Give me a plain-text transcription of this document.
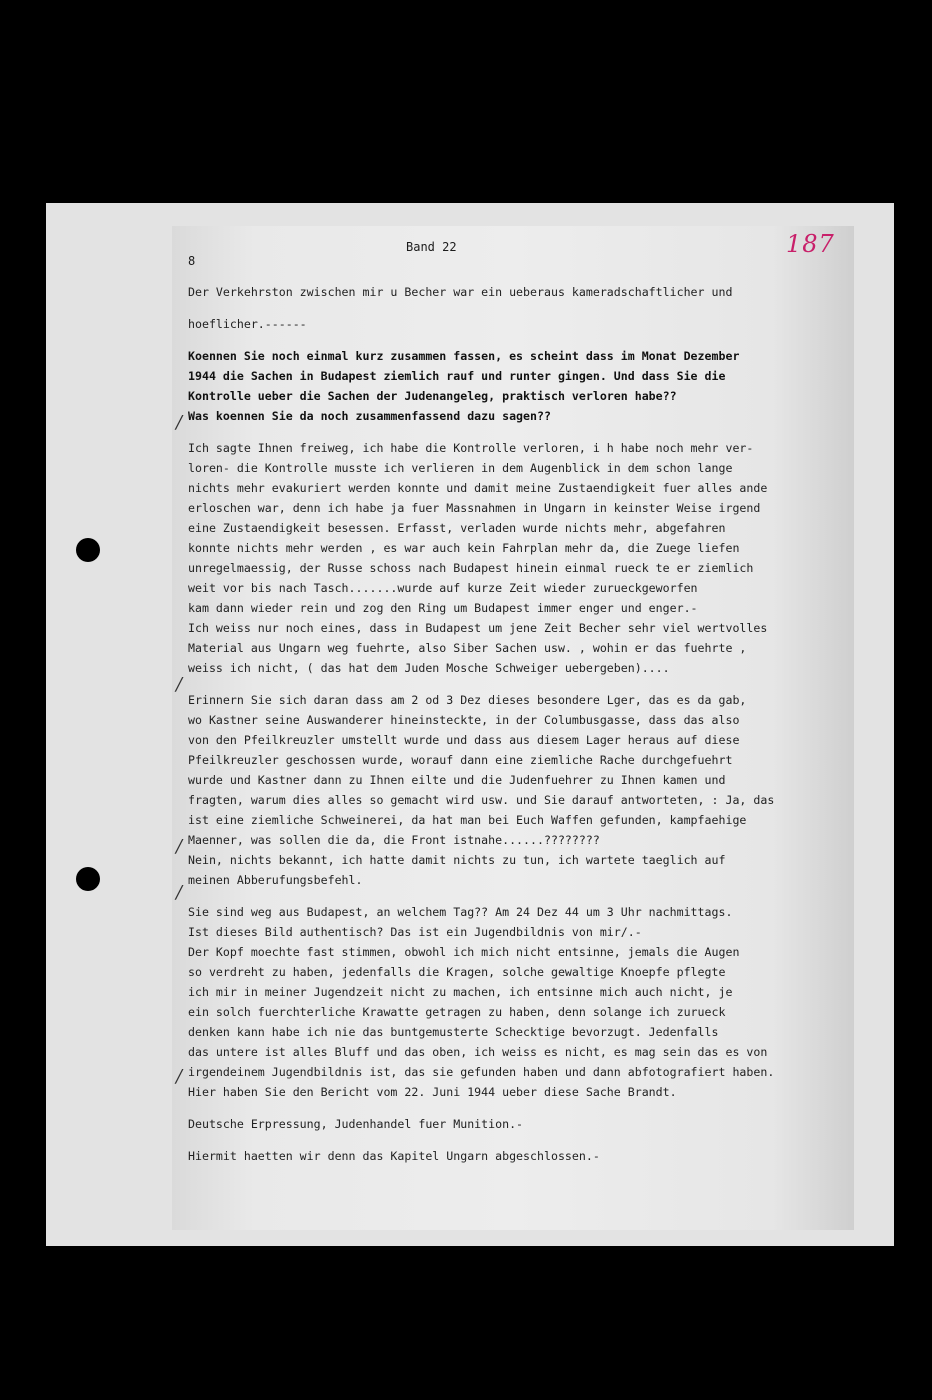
8
Band 22	187
Der Verkehrston zwischen mir u Becher war ein ueberaus kameradschaftlicher und
hoeflicher.------
Koennen Sie noch einmal kurz zusammen fassen, es scheint dass im Monat Dezember
1944 die Sachen in Budapest ziemlich rauf und runter gingen. Und dass Sie die
Kontrolle ueber die Sachen der Judenangeleg, praktisch verloren habe??
Was koennen Sie da noch zusammenfassend dazu sagen??
Ich sagte Ihnen freiweg, ich habe die Kontrolle verloren, i h habe noch mehr ver-
loren- die Kontrolle musste ich verlieren in dem Augenblick in dem schon lange
nichts mehr evakuriert werden konnte und damit meine Zustaendigkeit fuer alles ande
erloschen war, denn ich habe ja fuer Massnahmen in Ungarn in keinster Weise irgend
eine Zustaendigkeit besessen. Erfasst, verladen wurde nichts mehr, abgefahren
konnte nichts mehr werden , es war auch kein Fahrplan mehr da, die Zuege liefen
unregelmaessig, der Russe schoss nach Budapest hinein einmal rueck te er ziemlich
weit vor bis nach Tasch.......wurde auf kurze Zeit wieder zurueckgeworfen
kam dann wieder rein und zog den Ring um Budapest immer enger und enger.-
Ich weiss nur noch eines, dass in Budapest um jene Zeit Becher sehr viel wertvolles
Material aus Ungarn weg fuehrte, also Siber Sachen usw. , wohin er das fuehrte ,
weiss ich nicht, ( das hat dem Juden Mosche Schweiger uebergeben)....
Erinnern Sie sich daran dass am 2 od 3 Dez dieses besondere Lger, das es da gab,
wo Kastner seine Auswanderer hineinsteckte, in der Columbusgasse, dass das also
von den Pfeilkreuzler umstellt wurde und dass aus diesem Lager heraus auf diese
Pfeilkreuzler geschossen wurde, worauf dann eine ziemliche Rache durchgefuehrt
wurde und Kastner dann zu Ihnen eilte und die Judenfuehrer zu Ihnen kamen und
fragten, warum dies alles so gemacht wird usw. und Sie darauf antworteten, : Ja, das
ist eine ziemliche Schweinerei, da hat man bei Euch Waffen gefunden, kampfaehige
Maenner, was sollen die da, die Front istnahe......????????
Nein, nichts bekannt, ich hatte damit nichts zu tun, ich wartete taeglich auf
meinen Abberufungsbefehl.
Sie sind weg aus Budapest, an welchem Tag?? Am 24 Dez 44 um 3 Uhr nachmittags.
Ist dieses Bild authentisch? Das ist ein Jugendbildnis von mir/.-
Der Kopf moechte fast stimmen, obwohl ich mich nicht entsinne, jemals die Augen
so verdreht zu haben, jedenfalls die Kragen, solche gewaltige Knoepfe pflegte
ich mir in meiner Jugendzeit nicht zu machen, ich entsinne mich auch nicht, je
ein solch fuerchterliche Krawatte getragen zu haben, denn solange ich zurueck
denken kann habe ich nie das buntgemusterte Schecktige bevorzugt. Jedenfalls
das untere ist alles Bluff und das oben, ich weiss es nicht, es mag sein das es von
irgendeinem Jugendbildnis ist, das sie gefunden haben und dann abfotografiert haben.
Hier haben Sie den Bericht vom 22. Juni 1944 ueber diese Sache Brandt.
Deutsche Erpressung, Judenhandel fuer Munition.-
Hiermit haetten wir denn das Kapitel Ungarn abgeschlossen.-
/
/
/
/
/
